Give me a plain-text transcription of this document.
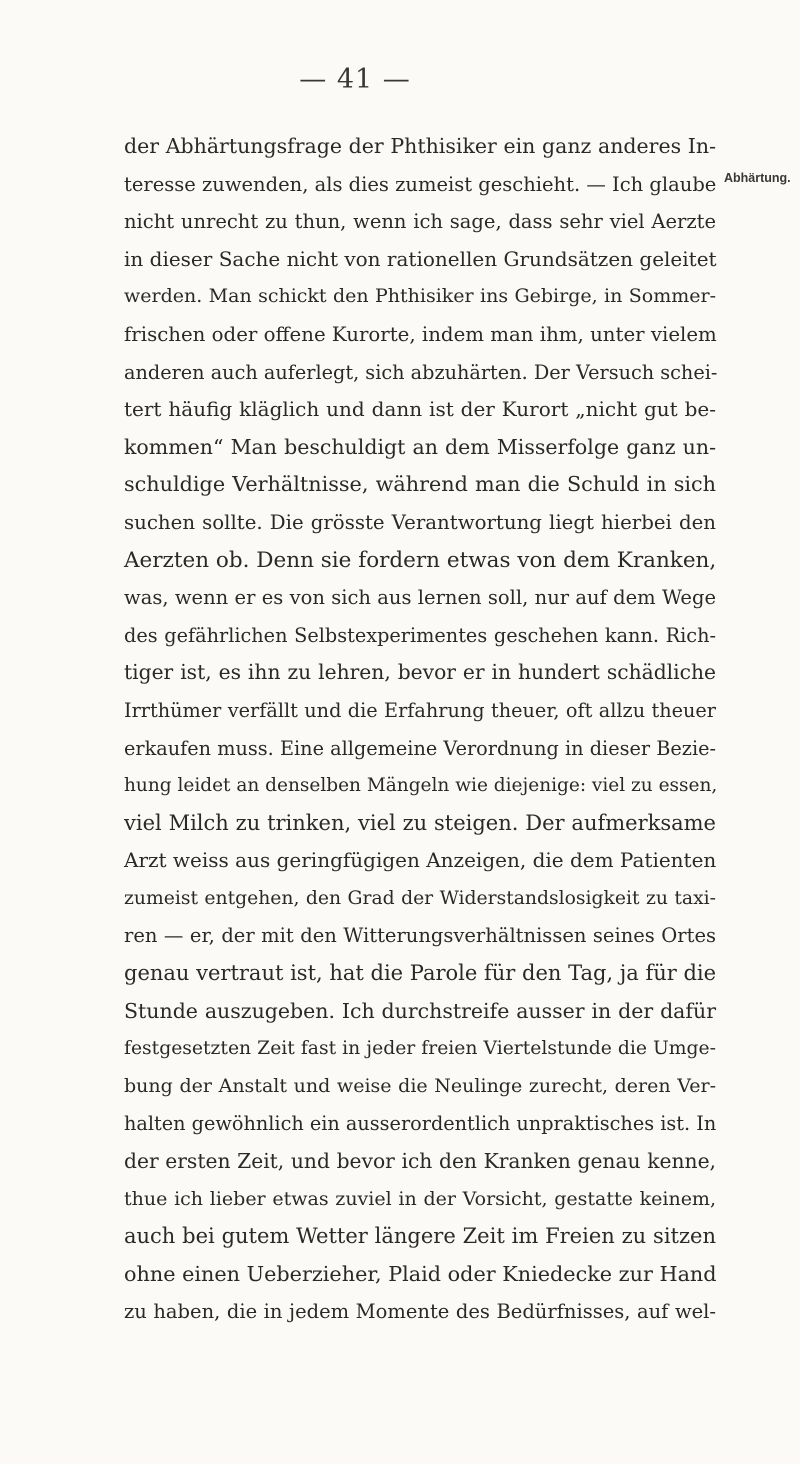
— 41 —
Abhärtung.
der Abhärtungsfrage der Phthisiker ein ganz anderes In-
teresse zuwenden, als dies zumeist geschieht. — Ich glaube
nicht unrecht zu thun, wenn ich sage, dass sehr viel Aerzte
in dieser Sache nicht von rationellen Grundsätzen geleitet
werden. Man schickt den Phthisiker ins Gebirge, in Sommer-
frischen oder offene Kurorte, indem man ihm, unter vielem
anderen auch auferlegt, sich abzuhärten. Der Versuch schei-
tert häufig kläglich und dann ist der Kurort „nicht gut be-
kommen“ Man beschuldigt an dem Misserfolge ganz un-
schuldige Verhältnisse, während man die Schuld in sich
suchen sollte. Die grösste Verantwortung liegt hierbei den
Aerzten ob. Denn sie fordern etwas von dem Kranken,
was, wenn er es von sich aus lernen soll, nur auf dem Wege
des gefährlichen Selbstexperimentes geschehen kann. Rich-
tiger ist, es ihn zu lehren, bevor er in hundert schädliche
Irrthümer verfällt und die Erfahrung theuer, oft allzu theuer
erkaufen muss. Eine allgemeine Verordnung in dieser Bezie-
hung leidet an denselben Mängeln wie diejenige: viel zu essen,
viel Milch zu trinken, viel zu steigen. Der aufmerksame
Arzt weiss aus geringfügigen Anzeigen, die dem Patienten
zumeist entgehen, den Grad der Widerstandslosigkeit zu taxi-
ren — er, der mit den Witterungsverhältnissen seines Ortes
genau vertraut ist, hat die Parole für den Tag, ja für die
Stunde auszugeben. Ich durchstreife ausser in der dafür
festgesetzten Zeit fast in jeder freien Viertelstunde die Umge-
bung der Anstalt und weise die Neulinge zurecht, deren Ver-
halten gewöhnlich ein ausserordentlich unpraktisches ist. In
der ersten Zeit, und bevor ich den Kranken genau kenne,
thue ich lieber etwas zuviel in der Vorsicht, gestatte keinem,
auch bei gutem Wetter längere Zeit im Freien zu sitzen
ohne einen Ueberzieher, Plaid oder Kniedecke zur Hand
zu haben, die in jedem Momente des Bedürfnisses, auf wel-
